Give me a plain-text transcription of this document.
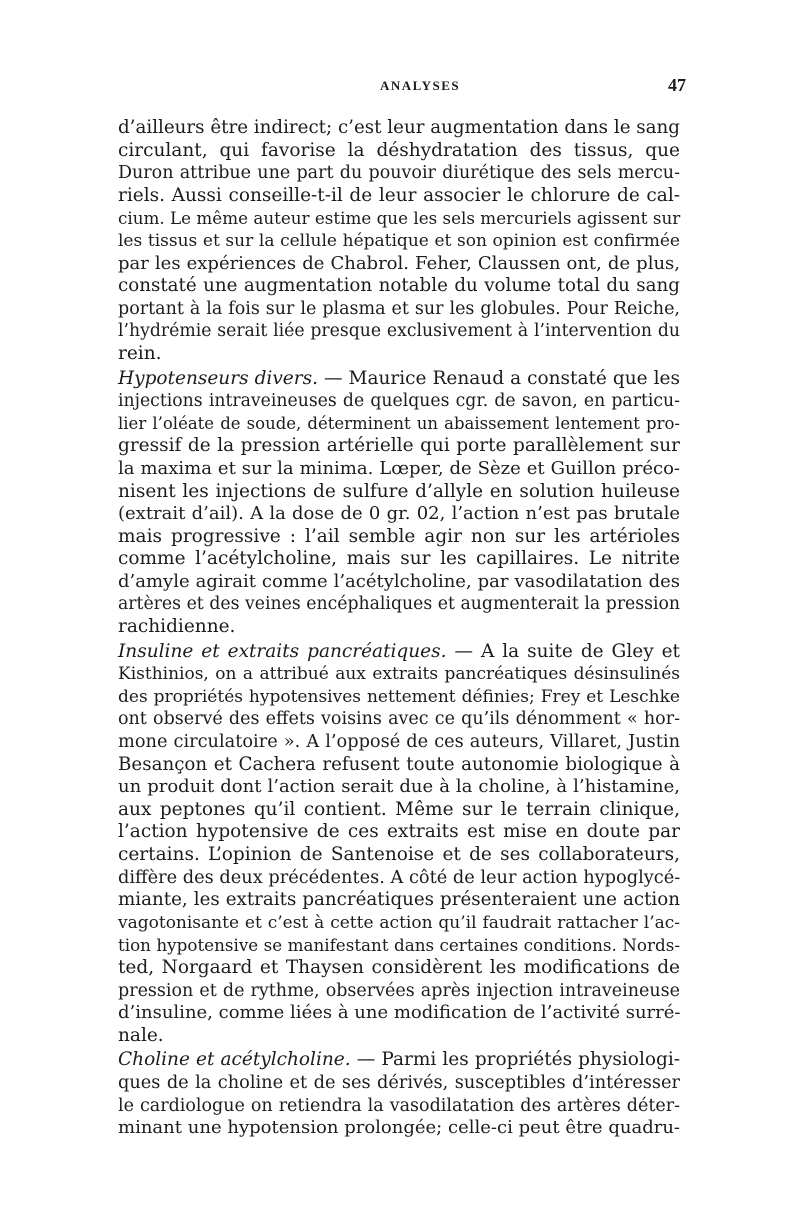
ANALYSES	47
d’ailleurs être indirect; c’est leur augmentation dans le sang
circulant, qui favorise la déshydratation des tissus, que
Duron attribue une part du pouvoir diurétique des sels mercu-
riels. Aussi conseille-t-il de leur associer le chlorure de cal-
cium. Le même auteur estime que les sels mercuriels agissent sur
les tissus et sur la cellule hépatique et son opinion est confirmée
par les expériences de Chabrol. Feher, Claussen ont, de plus,
constaté une augmentation notable du volume total du sang
portant à la fois sur le plasma et sur les globules. Pour Reiche,
l’hydrémie serait liée presque exclusivement à l’intervention du
rein.
Hypotenseurs divers. — Maurice Renaud a constaté que les
injections intraveineuses de quelques cgr. de savon, en particu-
lier l’oléate de soude, déterminent un abaissement lentement pro-
gressif de la pression artérielle qui porte parallèlement sur
la maxima et sur la minima. Lœper, de Sèze et Guillon préco-
nisent les injections de sulfure d’allyle en solution huileuse
(extrait d’ail). A la dose de 0 gr. 02, l’action n’est pas brutale
mais progressive : l’ail semble agir non sur les artérioles
comme l’acétylcholine, mais sur les capillaires. Le nitrite
d’amyle agirait comme l’acétylcholine, par vasodilatation des
artères et des veines encéphaliques et augmenterait la pression
rachidienne.
Insuline et extraits pancréatiques. — A la suite de Gley et
Kisthinios, on a attribué aux extraits pancréatiques désinsulinés
des propriétés hypotensives nettement définies; Frey et Leschke
ont observé des effets voisins avec ce qu’ils dénomment « hor-
mone circulatoire ». A l’opposé de ces auteurs, Villaret, Justin
Besançon et Cachera refusent toute autonomie biologique à
un produit dont l’action serait due à la choline, à l’histamine,
aux peptones qu’il contient. Même sur le terrain clinique,
l’action hypotensive de ces extraits est mise en doute par
certains. L’opinion de Santenoise et de ses collaborateurs,
diffère des deux précédentes. A côté de leur action hypoglycé-
miante, les extraits pancréatiques présenteraient une action
vagotonisante et c’est à cette action qu’il faudrait rattacher l’ac-
tion hypotensive se manifestant dans certaines conditions. Nords-
ted, Norgaard et Thaysen considèrent les modifications de
pression et de rythme, observées après injection intraveineuse
d’insuline, comme liées à une modification de l’activité surré-
nale.
Choline et acétylcholine. — Parmi les propriétés physiologi-
ques de la choline et de ses dérivés, susceptibles d’intéresser
le cardiologue on retiendra la vasodilatation des artères déter-
minant une hypotension prolongée; celle-ci peut être quadru-
